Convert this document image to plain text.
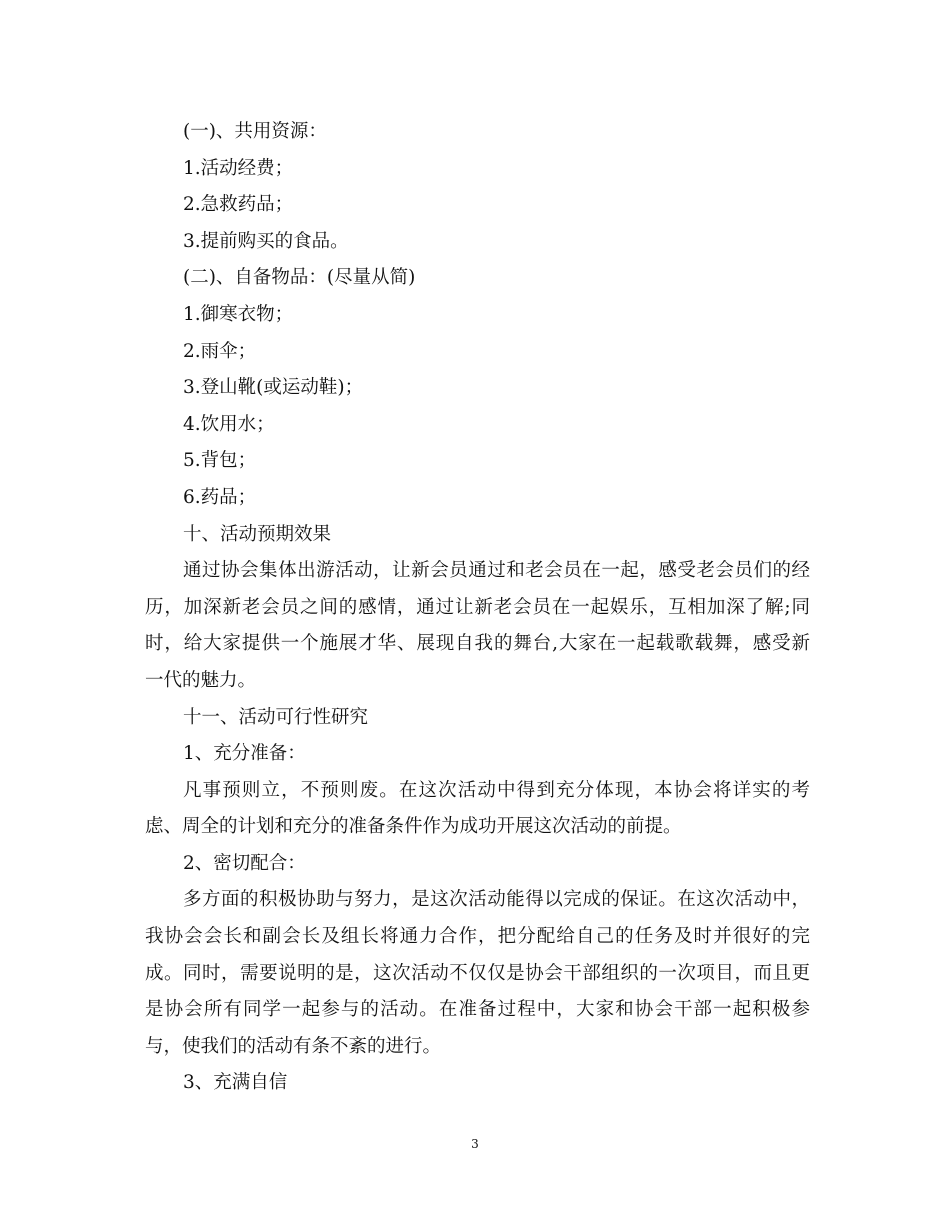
(一)、共用资源：
1.活动经费；
2.急救药品；
3.提前购买的食品。
(二)、自备物品：(尽量从简)
1.御寒衣物；
2.雨伞；
3.登山靴(或运动鞋)；
4.饮用水；
5.背包；
6.药品；
十、活动预期效果
通过协会集体出游活动，让新会员通过和老会员在一起，感受老会员们的经
历，加深新老会员之间的感情，通过让新老会员在一起娱乐，互相加深了解;同
时，给大家提供一个施展才华、展现自我的舞台,大家在一起载歌载舞，感受新
一代的魅力。
十一、活动可行性研究
1、充分准备：
凡事预则立，不预则废。在这次活动中得到充分体现，本协会将详实的考
虑、周全的计划和充分的准备条件作为成功开展这次活动的前提。
2、密切配合：
多方面的积极协助与努力，是这次活动能得以完成的保证。在这次活动中，
我协会会长和副会长及组长将通力合作，把分配给自己的任务及时并很好的完
成。同时，需要说明的是，这次活动不仅仅是协会干部组织的一次项目，而且更
是协会所有同学一起参与的活动。在准备过程中，大家和协会干部一起积极参
与，使我们的活动有条不紊的进行。
3、充满自信
3
